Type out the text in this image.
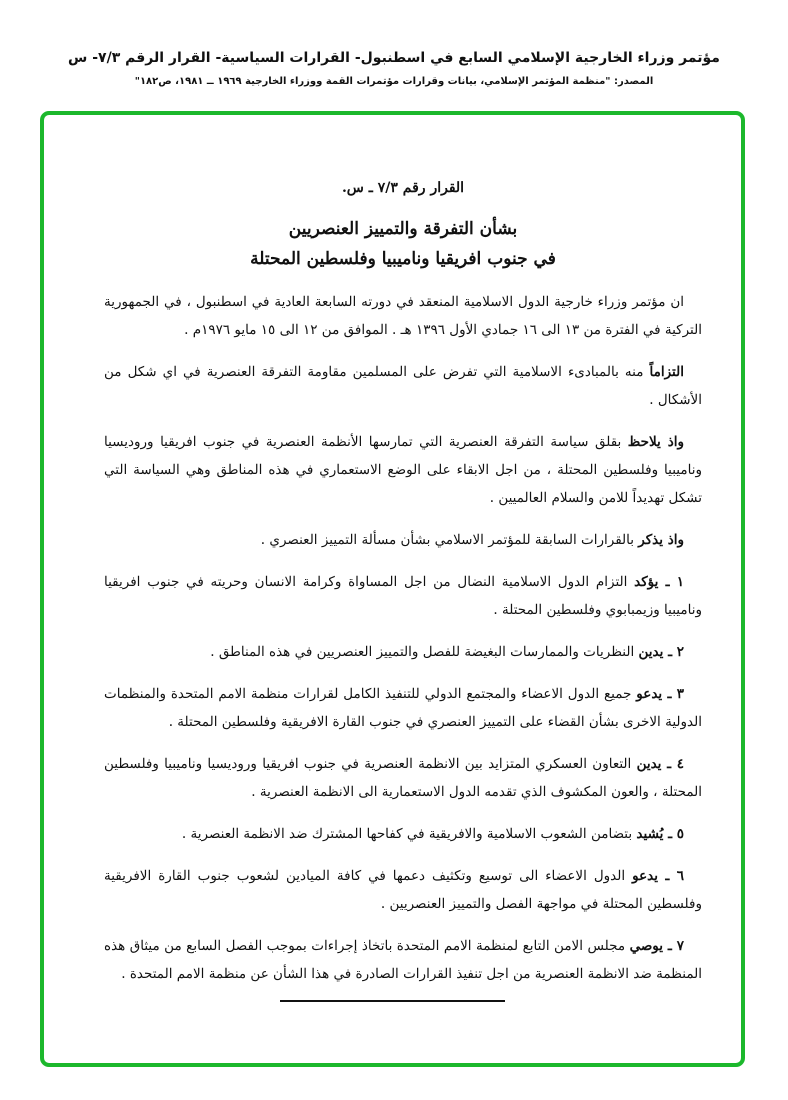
مؤتمر وزراء الخارجية الإسلامي السابع في اسطنبول- القرارات السياسية- القرار الرقم ٧/٣- س
المصدر: "منظمة المؤتمر الإسلامي، بيانات وقرارات مؤتمرات القمة ووزراء الخارجية ١٩٦٩ ــ ١٩٨١، ص١٨٢"
القرار رقم ٧/٣ ـ س.
بشأن التفرقة والتمييز العنصريين
في جنوب افريقيا وناميبيا وفلسطين المحتلة

ان مؤتمر وزراء خارجية الدول الاسلامية المنعقد في دورته السابعة العادية في اسطنبول ، في الجمهورية التركية في الفترة من ١٣ الى ١٦ جمادي الأول ١٣٩٦ هـ . الموافق من ١٢ الى ١٥ مايو ١٩٧٦م .

التزاماً منه بالمبادىء الاسلامية التي تفرض على المسلمين مقاومة التفرقة العنصرية في اي شكل من الأشكال .

واذ يلاحظ بقلق سياسة التفرقة العنصرية التي تمارسها الأنظمة العنصرية في جنوب افريقيا وروديسيا وناميبيا وفلسطين المحتلة ، من اجل الابقاء على الوضع الاستعماري في هذه المناطق وهي السياسة التي تشكل تهديداً للامن والسلام العالميين .

واذ يذكر بالقرارات السابقة للمؤتمر الاسلامي بشأن مسألة التمييز العنصري .

١ ـ يؤكد التزام الدول الاسلامية النضال من اجل المساواة وكرامة الانسان وحريته في جنوب افريقيا وناميبيا وزيمبابوي وفلسطين المحتلة .

٢ ـ يدين النظريات والممارسات البغيضة للفصل والتمييز العنصريين في هذه المناطق .

٣ ـ يدعو جميع الدول الاعضاء والمجتمع الدولي للتنفيذ الكامل لقرارات منظمة الامم المتحدة والمنظمات الدولية الاخرى بشأن القضاء على التمييز العنصري في جنوب القارة الافريقية وفلسطين المحتلة .

٤ ـ يدين التعاون العسكري المتزايد بين الانظمة العنصرية في جنوب افريقيا وروديسيا وناميبيا وفلسطين المحتلة ، والعون المكشوف الذي تقدمه الدول الاستعمارية الى الانظمة العنصرية .

٥ ـ يُشيد بتضامن الشعوب الاسلامية والافريقية في كفاحها المشترك ضد الانظمة العنصرية .

٦ ـ يدعو الدول الاعضاء الى توسيع وتكثيف دعمها في كافة الميادين لشعوب جنوب القارة الافريقية وفلسطين المحتلة في مواجهة الفصل والتمييز العنصريين .

٧ ـ يوصي مجلس الامن التابع لمنظمة الامم المتحدة باتخاذ إجراءات بموجب الفصل السابع من ميثاق هذه المنظمة ضد الانظمة العنصرية من اجل تنفيذ القرارات الصادرة في هذا الشأن عن منظمة الامم المتحدة .
